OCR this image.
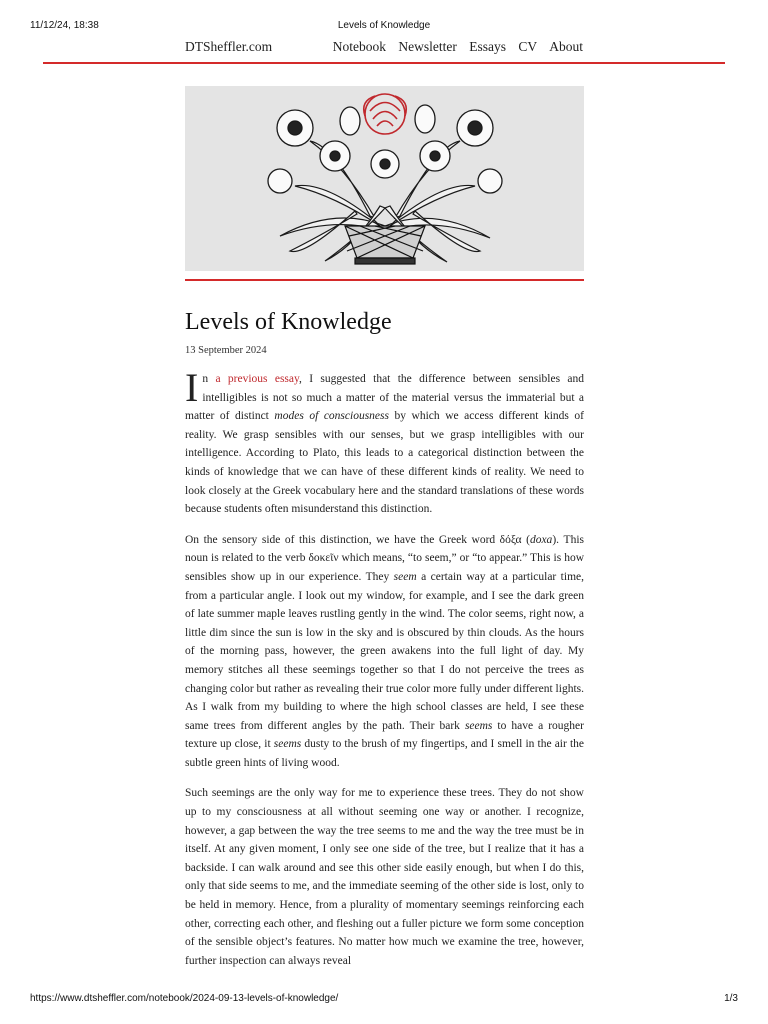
11/12/24, 18:38	Levels of Knowledge
DTSheffler.com	Notebook Newsletter Essays CV About
Levels of Knowledge
13 September 2024

In a previous essay, I suggested that the difference between sensibles and intelligibles is not so much a matter of the material versus the immaterial but a matter of distinct modes of consciousness by which we access different kinds of reality. We grasp sensibles with our senses, but we grasp intelligibles with our intelligence. According to Plato, this leads to a categorical distinction between the kinds of knowledge that we can have of these different kinds of reality. We need to look closely at the Greek vocabulary here and the standard translations of these words because students often misunderstand this distinction.

On the sensory side of this distinction, we have the Greek word δόξα (doxa). This noun is related to the verb δοκεῖν which means, “to seem,” or “to appear.” This is how sensibles show up in our experience. They seem a certain way at a particular time, from a particular angle. I look out my window, for example, and I see the dark green of late summer maple leaves rustling gently in the wind. The color seems, right now, a little dim since the sun is low in the sky and is obscured by thin clouds. As the hours of the morning pass, however, the green awakens into the full light of day. My memory stitches all these seemings together so that I do not perceive the trees as changing color but rather as revealing their true color more fully under different lights. As I walk from my building to where the high school classes are held, I see these same trees from different angles by the path. Their bark seems to have a rougher texture up close, it seems dusty to the brush of my fingertips, and I smell in the air the subtle green hints of living wood.

Such seemings are the only way for me to experience these trees. They do not show up to my consciousness at all without seeming one way or another. I recognize, however, a gap between the way the tree seems to me and the way the tree must be in itself. At any given moment, I only see one side of the tree, but I realize that it has a backside. I can walk around and see this other side easily enough, but when I do this, only that side seems to me, and the immediate seeming of the other side is lost, only to be held in memory. Hence, from a plurality of momentary seemings reinforcing each other, correcting each other, and fleshing out a fuller picture we form some conception of the sensible object’s features. No matter how much we examine the tree, however, further inspection can always reveal

https://www.dtsheffler.com/notebook/2024-09-13-levels-of-knowledge/	1/3
